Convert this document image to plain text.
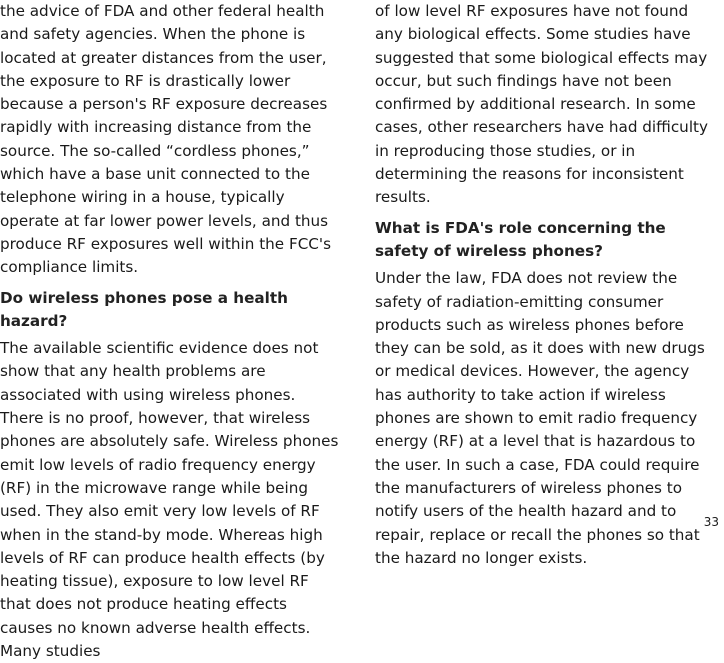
the advice of FDA and other federal health and safety agencies. When the phone is located at greater distances from the user, the exposure to RF is drastically lower because a person's RF exposure decreases rapidly with increasing distance from the source. The so-called “cordless phones,” which have a base unit connected to the telephone wiring in a house, typically operate at far lower power levels, and thus produce RF exposures well within the FCC's compliance limits.

Do wireless phones pose a health hazard?

The available scientific evidence does not show that any health problems are associated with using wireless phones. There is no proof, however, that wireless phones are absolutely safe. Wireless phones emit low levels of radio frequency energy (RF) in the microwave range while being used. They also emit very low levels of RF when in the stand-by mode. Whereas high levels of RF can produce health effects (by heating tissue), exposure to low level RF that does not produce heating effects causes no known adverse health effects. Many studies

of low level RF exposures have not found any biological effects. Some studies have suggested that some biological effects may occur, but such findings have not been confirmed by additional research. In some cases, other researchers have had difficulty in reproducing those studies, or in determining the reasons for inconsistent results.

What is FDA's role concerning the safety of wireless phones?

Under the law, FDA does not review the safety of radiation-emitting consumer products such as wireless phones before they can be sold, as it does with new drugs or medical devices. However, the agency has authority to take action if wireless phones are shown to emit radio frequency energy (RF) at a level that is hazardous to the user. In such a case, FDA could require the manufacturers of wireless phones to notify users of the health hazard and to repair, replace or recall the phones so that the hazard no longer exists.

33
